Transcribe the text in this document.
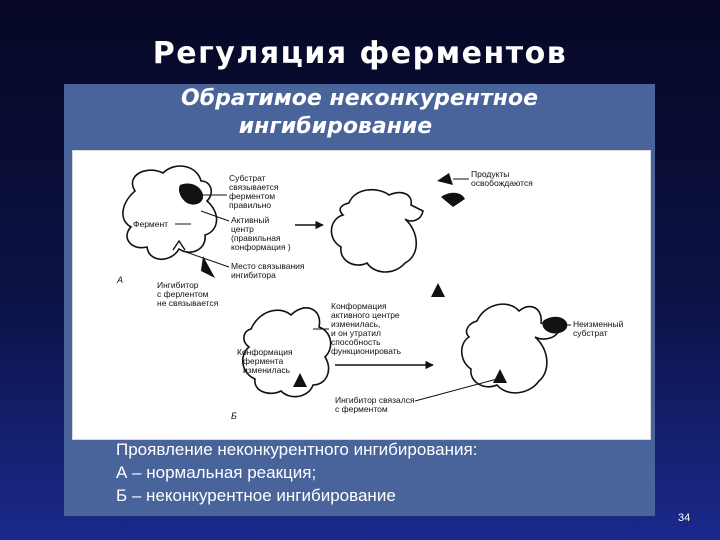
Регуляция ферментов
Обратимое неконкурентное
ингибирование
А
Фермент
Субстрат связывается ферментом правильно
Активный центр (правильная конформация )
Место связывания ингибитора
Ингибитор с ферлентом не связывается
Продукты освобождаются
Б
Конформация фермента изменилась
Конформация активного центре изменилась, и он утратил способность функционировать
Ингибитор связался с ферментом
Неизменный субстрат
Проявление неконкурентного ингибирования:
А – нормальная реакция;
Б – неконкурентное ингибирование
34
